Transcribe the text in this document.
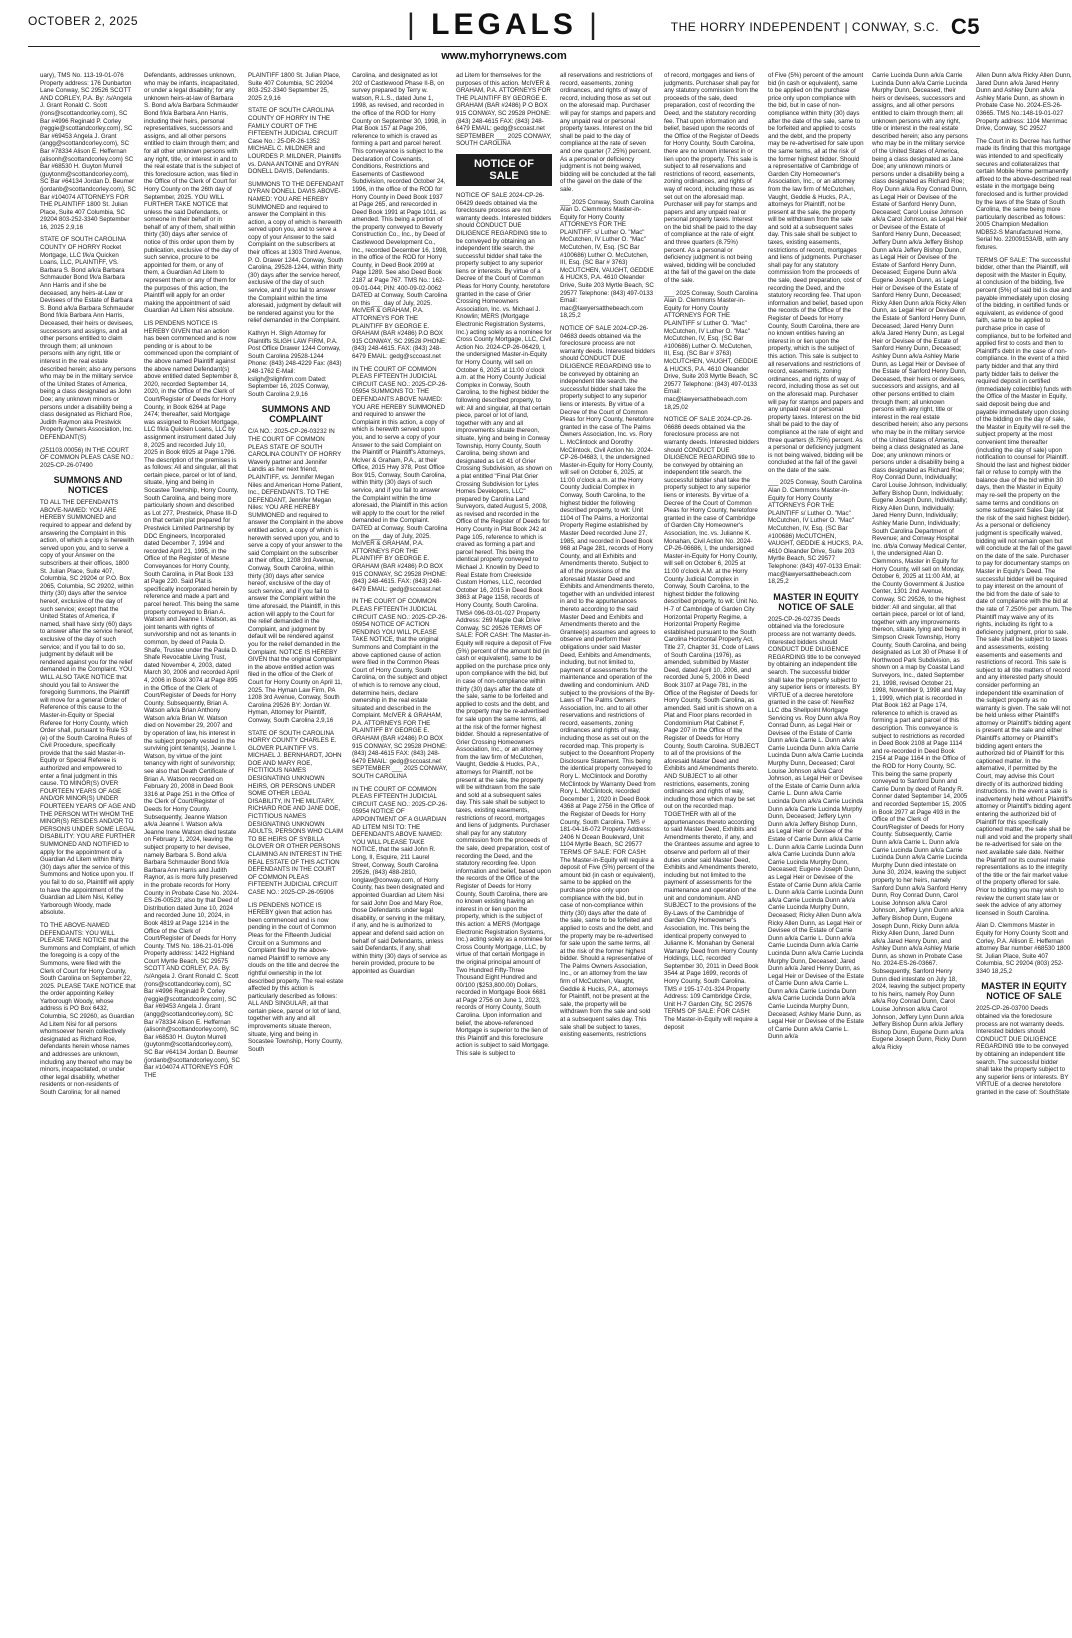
OCTOBER 2, 2025	| LEGALS |	THE HORRY INDEPENDENT | CONWAY, S.C. C5
www.myhorrynews.com

uary), TMS No. 113-19-01-076 Property address: 176 Dunbarton Lane Conway, SC 29526 SCOTT AND CORLEY, P.A. By: /s/Angela J. Grant Ronald C. Scott (rons@scottandcorley.com), SC Bar #4996 Reginald P. Corley (reggie@scottandcorley.com), SC Bar #69453 Angela J. Grant (angg@scottandcorley.com), SC Bar #78334 Alison E. Heffernan (alisonh@scottandcorley.com) SC Bar #68530 H. Guyton Murrell (guytonm@scottandcorley.com), SC Bar #64134 Jordan D. Beumer (jordanb@scottandcorley.com), SC Bar #104074 ATTORNEYS FOR THE PLAINTIFF 1800 St. Julian Place, Suite 407 Columbia, SC 29204 803-252-3340 September 16, 2025 2,9,16

STATE OF SOUTH CAROLINA COUNTY OF HORRY Rocket Mortgage, LLC f/k/a Quicken Loans, LLC, PLAINTIFF, VS. Barbara S. Bond a/k/a Barbara Schmauder Bond f/k/a Barbara Ann Harris and if she be deceased, any heirs-at-Law or Devisees of the Estate of Barbara S. Bond a/k/a Barbara Schmauder Bond f/k/a Barbara Ann Harris, Deceased, their heirs or devisees, successors and assigns, and all other persons entitled to claim through them; all unknown persons with any right, title or interest in the real estate described herein; also any persons who may be in the military service of the United States of America, being a class designated as John Doe; any unknown minors or persons under a disability being a class designated as Richard Roe, Judith Raymon aka Prestwick Property Owners Association, Inc. DEFENDANT(S)

(251103.00056) IN THE COURT OF COMMON PLEAS CASE NO.: 2025-CP-26-07490

SUMMONS AND NOTICES

TO ALL THE DEFENDANTS ABOVE-NAMED: YOU ARE HEREBY SUMMONED and required to appear and defend by answering the Complaint in this action, of which a copy is herewith served upon you, and to serve a copy of your Answer on the subscribers at their offices, 1800 St. Julian Place, Suite 407, Columbia, SC 29204 or P.O. Box 2065, Columbia, SC 29202, within thirty (30) days after the service hereof, exclusive of the day of such service; except that the United States of America, if named, shall have sixty (60) days to answer after the service hereof, exclusive of the day of such service; and if you fail to do so, judgment by default will be rendered against you for the relief demanded in the Complaint. YOU WILL ALSO TAKE NOTICE that should you fail to Answer the foregoing Summons, the Plaintiff will move for a general Order of Reference of this cause to the Master-in-Equity or Special Referee for Horry County, which Order shall, pursuant to Rule 53 (e) of the South Carolina Rules of Civil Procedure, specifically provide that the said Master-in-Equity or Special Referee is authorized and empowered to enter a final judgment in this cause. TO MINOR(S) OVER FOURTEEN YEARS OF AGE AND/OR MINOR(S) UNDER FOURTEEN YEARS OF AGE AND THE PERSON WITH WHOM THE MINOR(S) RESIDES AND/OR TO PERSONS UNDER SOME LEGAL DISABILITY: YOU ARE FURTHER SUMMONED AND NOTIFIED to apply for the appointment of a Guardian Ad Litem within thirty (30) days after the service of this Summons and Notice upon you. If you fail to do so, Plaintiff will apply to have the appointment of the Guardian ad Litem Nisi, Kelley Yarborough Woody, made absolute.

TO THE ABOVE-NAMED DEFENDANTS: YOU WILL PLEASE TAKE NOTICE that the Summons and Complaint, of which the foregoing is a copy of the Summons, were filed with the Clerk of Court for Horry County, South Carolina on September 22, 2025. PLEASE TAKE NOTICE that the order appointing Kelley Yarborough Woody, whose address is PO Box 6432, Columbia, SC 29260, as Guardian Ad Litem Nisi for all persons whomsoever herein collectively designated as Richard Roe, defendants herein whose names and addresses are unknown, including any thereof who may be minors, incapacitated, or under other legal disability, whether residents or non-residents of South Carolina; for all named

Defendants, addresses unknown, who may be infants, incapacitated, or under a legal disability; for any unknown heirs-at-law of Barbara S. Bond a/k/a Barbara Schmauder Bond f/k/a Barbara Ann Harris, including their heirs, personal representatives, successors and assigns, and all other persons entitled to claim through them; and for all other unknown persons with any right, title, or interest in and to the real estate that is the subject of this foreclosure action, was filed in the Office of the Clerk of Court for Horry County on the 26th day of September, 2025. YOU WILL FURTHER TAKE NOTICE that unless the said Defendants, or someone in their behalf or in behalf of any of them, shall within thirty (30) days after service of notice of this order upon them by publication, exclusive of the day of such service, procure to be appointed for them, or any of them, a Guardian Ad Litem to represent them or any of them for the purposes of this action, the Plaintiff will apply for an order making the appointment of said Guardian Ad Litem Nisi absolute.

LIS PENDENS NOTICE IS HEREBY GIVEN that an action has been commenced and is now pending or is about to be commenced upon the complaint of the above named Plaintiff against the above named Defendant(s) above entitled dated September 8, 2020, recorded September 14, 2020, in the Office of the Clerk of Court/Register of Deeds for Horry County, in Book 6264 at Page 2474; thereafter, said Mortgage was assigned to Rocket Mortgage, LLC f/k/a Quicken Loans, LLC by assignment instrument dated July 8, 2025 and recorded July 10, 2025 in Book 6925 at Page 1796. The description of the premises is as follows: All and singular, all that certain piece, parcel or lot of land, situate, lying and being in Socastee Township, Horry County, South Carolina, and being more particularly shown and described as Lot 277, Prestwick, Phase III-D on that certain plat prepared for Prestwick Limited Partnership by DDC Engineers, Incorporated dated December 7, 1994 and recorded April 21, 1995, in the Office of the Register of Mesne Conveyances for Horry County, South Carolina, in Plat Book 133 at Page 220. Said Plat is specifically incorporated herein by reference and made a part and parcel hereof. This being the same property conveyed to Brian A. Watson and Jeanne I. Watson, as joint tenants with rights of survivorship and not as tenants in common, by deed of Paula D. Shafe, Trustee under the Paula D. Shafe Revocable Living Trust, dated November 4, 2003, dated March 30, 2006 and recorded April 4, 2006 in Book 3074 at Page 895 in the Office of the Clerk of Court/Register of Deeds for Horry County. Subsequently, Brian A. Watson a/k/a Brian Anthony Watson a/k/a Brian W. Watson died on November 29, 2007 and by operation of law, his interest in the subject property vested in the surviving joint tenant(s), Jeanne I. Watson, by virtue of the joint tenancy with right of survivorship; see also that Death Certificate of Brian A. Watson recorded on February 20, 2008 in Deed Book 3316 at Page 251 in the Office of the Clerk of Court/Register of Deeds for Horry County. Subsequently, Jeanne Watson a/k/a Jeanne I. Watson a/k/a Jeanne Irene Watson died testate on February 1, 2024, leaving the subject property to her devisee, namely Barbara S. Bond a/k/a Barbara Schmauder Bond f/k/a Barbara Ann Harris and Judith Raynor, as is more fully preserved in the probate records for Horry County in Probate Case No. 2024-ES-26-00523; also by that Deed of Distribution dated June 10, 2024 and recorded June 10, 2024, in Book 4819 at Page 1214 in the Office of the Clerk of Court/Register of Deeds for Horry County. TMS No. 186-21-01-096 Property address: 1422 Highland Court Myrtle Beach, SC 29575 SCOTT AND CORLEY, P.A. By: /s/Angela J. Grant Ronald C. Scott (rons@scottandcorley.com), SC Bar #4996 Reginald P. Corley (reggie@scottandcorley.com), SC Bar #69453 Angela J. Grant (angg@scottandcorley.com), SC Bar #78334 Alison E. Heffernan (alisonh@scottandcorley.com), SC Bar #68530 H. Guyton Murrell (guytonm@scottandcorley.com), SC Bar #64134 Jordan D. Beumer (jordanb@scottandcorley.com), SC Bar #104074 ATTORNEYS FOR THE

PLAINTIFF 1800 St. Julian Place, Suite 407 Columbia, SC 29204 803-252-3340 September 25, 2025 2,9,16

STATE OF SOUTH CAROLINA COUNTY OF HORRY IN THE FAMILY COURT OF THE FIFTEENTH JUDICIAL CIRCUIT Case No.: 25-DR-26-1352 MICHAEL C. MILDNER and LOURDES P. MILDNER, Plaintiffs vs. DANA ANTOINE and DYRAN DONELL DAVIS, Defendants.

SUMMONS TO THE DEFENDANT DYRAN DONELL DAVIS ABOVE-NAMED: YOU ARE HEREBY SUMMONED and required to answer the Complaint in this action, a copy of which is herewith served upon you, and to serve a copy of your Answer to the said Complaint on the subscribers at their offices at 1303 Third Avenue, P. O. Drawer 1244, Conway, South Carolina, 29528-1244, within thirty (30) days after the service hereof, exclusive of the day of such service, and if you fail to answer the Complaint within the time aforesaid, judgment by default will be rendered against you for the relief demanded in the Complaint.

Kathryn H. Sligh Attorney for Plaintiffs SLIGH LAW FIRM, P.A. Post Office Drawer 1244 Conway, South Carolina 29528-1244 Phone: (843) 248-4229 Fax: (843) 248-1762 E-Mail: ksligh@slighfirm.com Dated: September 16, 2025 Conway, South Carolina 2,9,16

SUMMONS AND COMPLAINT

C/A NO.: 2025-CP-26-03232 IN THE COURT OF COMMON PLEAS STATE OF SOUTH CAROLINA COUNTY OF HORRY Waverly partner and Jennifer Landis as her next friend, PLAINTIFF, vs. Jennifer Megan Niles and American Home Patient, Inc., DEFENDANTS. TO THE DEFENDANT, Jennifer Megan Niles: YOU ARE HEREBY SUMMONED and required to answer the Complaint in the above entitled action, a copy of which is herewith served upon you, and to serve a copy of your answer to the said Complaint on the subscriber at their office, 1208 3rd Avenue, Conway, South Carolina, within thirty (30) days after service hereof, exclusive of the day of such service, and if you fail to answer the Complaint within the time aforesaid, the Plaintiff, in this action will apply to the Court for the relief demanded in the Complaint, and judgment by default will be rendered against you for the relief demanded in the Complaint. NOTICE IS HEREBY GIVEN that the original Complaint in the above entitled action was filed in the office of the Clerk of Court for Horry County on April 11, 2025. The Hyman Law Firm, PA 1208 3rd Avenue, Conway, South Carolina 29526 BY: Jordan W. Hyman, Attorney for Plaintiff, Conway, South Carolina 2,9,16

STATE OF SOUTH CAROLINA HORRY COUNTY CHARLES E. GLOVER PLAINTIFF VS. MICHAEL J. BERNHARDT, JOHN DOE AND MARY ROE, FICTITIOUS NAMES DESIGNATING UNKNOWN HEIRS, OR PERSONS UNDER SOME OTHER LEGAL DISABILITY, IN THE MILITARY, RICHARD ROE AND JANE DOE, FICTITIOUS NAMES DESIGNATING UNKNOWN ADULTS, PERSONS WHO CLAIM TO BE HEIRS OF SYBILLA GLOVER OR OTHER PERSONS CLAIMING AN INTEREST IN THE REAL ESTATE OF THIS ACTION DEFENDANTS IN THE COURT OF COMMON PLEAS FIFTEENTH JUDICIAL CIRCUIT CASE NO.: 2025-CP-26-05906

LIS PENDENS NOTICE IS HEREBY given that action has been commenced and is now pending in the court of Common Pleas for the Fifteenth Judicial Circuit on a Summons and Complaint filed by the above-named Plaintiff to remove any clouds on the title and decree the rightful ownership in the lot described property. The real estate affected by this action is particularly described as follows: ALL AND SINGULAR, all that certain piece, parcel or lot of land, together with any and all improvements situate thereon, situate, lying and being in Socastee Township, Horry County, South

Carolina, and designated as lot 202 of Castlewood Phase II-B, on survey prepared by Terry w. watson, R.L.S., dated June 1, 1998, as revised, and recorded in the office of the ROD for Horry County on September 30, 1998, in Plat Book 157 at Page 206, reference to which is craved as forming a part and parcel hereof. This conveyance is subject to the Declaration of Covenants, Conditions, Restrictions and Easements of Castlewood Subdivision, recorded October 24, 1996, in the office of the ROD for Horry County in Deed Book 1937 at Page 265, and rerecorded in Deed Book 1991 at Page 1011, as amended. This being a portion of the property conveyed to Beverly Construction Co., Inc., by Deed of Castlewood Development Co., Inc., recorded December 16, 1998, in the office of the ROD for Horry County, in Deed Book 2099 at Page 1289. See also Deed Book 2187 at Page 767. TMS No.: 162-09-01-044; PIN: 400-09-02-0062 DATED at Conway, South Carolina on this ___ day of July, 2025. McIVER & GRAHAM, P.A. ATTORNEYS FOR THE PLAINTIFF BY GEORGE E. GRAHAM (BAR #2486) P.O BOX 915 CONWAY, SC 29528 PHONE: (843) 248-4615. FAX: (843) 248-6479 EMAIL: gedg@sccoast.net

IN THE COURT OF COMMON PLEAS FIFTEENTH JUDICIAL CIRCUIT CASE NO.: 2025-CP-26-05954 SUMMONS TO: THE DEFENDANTS ABOVE NAMED: YOU ARE HEREBY SUMMONED and required to answer the Complaint in this action, a copy of which is herewith served upon you, and to serve a copy of your Answer to the said Complaint on the Plaintiff or Plaintiff's Attorneys, McIver & Graham, P.A., at their Office, 2015 Hwy 378, Post Office Box 915, Conway, South Carolina, within thirty (30) days of such service, and if you fail to answer the Complaint within the time aforesaid, the Plaintiff in this action will apply to the court for the relief demanded in the Complaint. DATED at Conway, South Carolina on the ___ day of July, 2025. McIVER & GRAHAM, P.A. ATTORNEYS FOR THE PLAINTIFF BY GEORGE E. GRAHAM (BAR #2486) P.O BOX 915 CONWAY, SC 29528 PHONE: (843) 248-4615. FAX: (843) 248-6479 EMAIL: gedg@sccoast.net

IN THE COURT OF COMMON PLEAS FIFTEENTH JUDICIAL CIRCUIT CASE NO.: 2025-CP-26-05954 NOTICE OF ACTION PENDING YOU WILL PLEASE TAKE NOTICE, that the original Summons and Complaint in the above captioned cause of action were filed in the Common Pleas Court of Horry County, South Carolina, on the subject and object of which is to remove any cloud, determine heirs, declare ownership in the real estate situated and described in the Complaint. McIVER & GRAHAM, P.A. ATTORNEYS FOR THE PLAINTIFF BY GEORGE E. GRAHAM (BAR #2486) P.O BOX 915 CONWAY, SC 29528 PHONE: (843) 248-4615 FAX: (843) 248-6479 EMAIL: gedg@sccoast.net SEPTEMBER ___ 2025 CONWAY, SOUTH CAROLINA

IN THE COURT OF COMMON PLEAS FIFTEENTH JUDICIAL CIRCUIT CASE NO.: 2025-CP-26-05954 NOTICE OF APPOINTMENT OF A GUARDIAN AD LITEM NISI TO: THE DEFENDANTS ABOVE NAMED: YOU WILL PLEASE TAKE NOTICE, that the said John R. Long, II, Esquire, 211 Laurel Street, Conway, South Carolina 29526, (843) 488-2810, longlaw@conway.com, of Horry County, has been designated and appointed Guardian ad Litem Nisi for said John Doe and Mary Roe, those Defendants under legal disability, or serving in the military, if any, and he is authorized to appear and defend said action on behalf of said Defendants, unless said Defendants, if any, shall within thirty (30) days of service as herein provided, procure to be appointed as Guardian

ad Litem for themselves for the purposes of this action. McIVER & GRAHAM, P.A. ATTORNEYS FOR THE PLAINTIFF BY GEORGE E. GRAHAM (BAR #2486) P O BOX 915 CONWAY, SC 29528 PHONE: (843) 248-4615 FAX: (843) 248-6479 EMAIL: gedg@sccoast.net SEPTEMBER ___ 2025 CONWAY, SOUTH CAROLINA

NOTICE OF SALE

NOTICE OF SALE 2024-CP-26-06429 deeds obtained via the foreclosure process are not warranty deeds. Interested bidders should CONDUCT DUE DILIGENCE REGARDING title to be conveyed by obtaining an independent title search. the successful bidder shall take the property subject to any superior liens or interests. By virtue of a Decree of the Court of Common Pleas for Horry County, heretofore granted in the case of Grier Crossing Homeowners Association, Inc. vs. Michael J. Knowlin; MERS (Mortgage Electronic Registration Systems, Inc.) acting solely as a nominee for Cross County Mortgage, LLC, Civil Action No. 2024-CP-26-06429, I, the undersigned Master-in-Equity for Horry County, will sell on October 6, 2025 at 11:00 o'clock a.m. at the Horry County Judicial Complex in Conway, South Carolina, to the highest bidder the following described property, to wit: All and singular, all that certain piece, parcel or lot of land, together with any and all improvements situate thereon, situate, lying and being in Conway Township, Horry County, South Carolina, being shown and designated as Lot 41 of Grier Crossing Subdivision, as shown on a plat entitled "Final Plat Grier Crossing Subdivision for Lyles Homes Developers, LLC" prepared by Carolina Land Surveyors, dated August 5, 2008, as revised and recorded in the Office of the Register of Deeds for Horry County in Plat Book 242 at Page 105, reference to which is craved as forming a part and parcel hereof. This being the identical property conveyed to Michael J. Knowlin by Deed to Real Estate from Creekside Custom Homes, LLC, recorded October 16, 2015 in Deed Book 3863 at Page 1158, records of Horry County, South Carolina. TMS# 096-03-01-027 Property Address: 269 Maple Oak Drive Conway, SC 29526 TERMS OF SALE: FOR CASH: The Master-in-Equity will require a deposit of Five (5%) percent of the amount bid (in cash or equivalent), same to be applied on the purchase price only upon compliance with the bid, but in case of non-compliance within thirty (30) days after the date of the sale, same to be forfeited and applied to costs and the debt, and the property may be re-advertised for sale upon the same terms, all at the risk of the former highest bidder. Should a representative of Grier Crossing Homeowners Association, Inc., or an attorney from the law firm of McCutchen, Vaught, Geddie & Hucks, P.A., attorneys for Plaintiff, not be present at the sale, the property will be withdrawn from the sale and sold at a subsequent sales day. This sale shall be subject to taxes, existing easements, restrictions of record, mortgages and liens of judgments. Purchaser shall pay for any statutory commission from the proceeds of the sale, deed preparation, cost of recording the Deed, and the statutory recording fee. Upon information and belief, based upon the records of the Office of the Register of Deeds for Horry County, South Carolina, there are no known existing having an interest in or lien upon the property, which is the subject of this action: a MERS (Mortgage Electronic Registration Systems, Inc.) acting solely as a nominee for Cross County Mortgage, LLC, by virtue of that certain Mortgage in the original principal amount of Two Hundred Fifty-Three Thousand Eight Hundred and 00/100 ($253,800.00) Dollars, recorded in Mortgage Book 6681 at Page 2756 on June 1, 2023, records of Horry County, South Carolina. Upon information and belief, the above-referenced Mortgage is superior to the lien of this Plaintiff and this foreclosure action is subject to said Mortgage. This sale is subject to

all reservations and restrictions of record, easements, zoning ordinances, and rights of way of record, including those as set out on the aforesaid map. Purchaser will pay for stamps and papers and any unpaid real or personal property taxes. Interest on the bid shall be paid to the day of compliance at the rate of seven and one quarter (7.25%) percent. As a personal or deficiency judgment is not being waived, bidding will be concluded at the fall of the gavel on the date of the sale.

___ 2025 Conway, South Carolina Alan D. Clemmons Master-in-Equity for Horry County ATTORNEYS FOR THE PLAINTIFF: s/ Luther O. "Mac" McCutchen, IV Luther O. "Mac" McCutchen, IV, Esq. (SC Bar #100686) Luther O. McCutchen, III, Esq. (SC Bar # 3763) McCUTCHEN, VAUGHT, GEDDIE & HUCKS, P.A. 4610 Oleander Drive, Suite 203 Myrtle Beach, SC 29577 Telephone: (843) 497-0133 Email: mac@lawyersatthebeach.com 18,25,2

NOTICE OF SALE 2024-CP-26-04683 deeds obtained via the foreclosure process are not warranty deeds. Interested bidders should CONDUCT DUE DILIGENCE REGARDING title to be conveyed by obtaining an independent title search. the successful bidder shall take the property subject to any superior liens or interests. By virtue of a Decree of the Court of Common Pleas for Horry County, heretofore granted in the case of The Palms Owners Association, Inc. vs. Rory L. McClintock and Dorothy McClintock, Civil Action No. 2024-CP-26-04683, I, the undersigned Master-in-Equity for Horry County, will sell on October 6, 2025, at 11:00 o'clock a.m. at the Horry County Judicial Complex in Conway, South Carolina, to the highest bidder the following described property, to wit: Unit 1104 of The Palms, a Horizontal Property Regime established by Master Deed recorded June 27, 1985, and recorded in Deed Book 968 at Page 281, records of Horry County, and all Exhibits and Amendments thereto. Subject to all of the provisions of the aforesaid Master Deed and Exhibits and Amendments thereto, together with an undivided interest in and to the appurtenances thereto according to the said Master Deed and Exhibits and Amendments thereto and the Grantee(s) assumes and agrees to observe and perform their obligations under said Master Deed, Exhibits and Amendments, including, but not limited to, payment of assessments for the maintenance and operation of the dwelling and condominium. AND subject to the provisions of the By-Laws of The Palms Owners Association, Inc. and to all other reservations and restrictions of record, easements, zoning ordinances and rights of way, including those as set out on the recorded map. This property is subject to the Oceanfront Property Disclosure Statement. This being the identical property conveyed to Rory L. McClintock and Dorothy McClintock by Warranty Deed from Rory L. McClintock, recorded December 1, 2020 in Deed Book 4368 at Page 2756 in the Office of the Register of Deeds for Horry County, South Carolina. TMS # 181-04-16-072 Property Address: 2406 N Ocean Boulevard, Unit 1104 Myrtle Beach, SC 29577 TERMS OF SALE: FOR CASH: The Master-in-Equity will require a deposit of Five (5%) percent of the amount bid (in cash or equivalent), same to be applied on the purchase price only upon compliance with the bid, but in case of non-compliance within thirty (30) days after the date of the sale, same to be forfeited and applied to costs and the debt, and the property may be re-advertised for sale upon the same terms, all at the risk of the former highest bidder. Should a representative of The Palms Owners Association, Inc., or an attorney from the law firm of McCutchen, Vaught, Geddie & Hucks, P.A., attorneys for Plaintiff, not be present at the sale, the property will be withdrawn from the sale and sold at a subsequent sales day. This sale shall be subject to taxes, existing easements, restrictions

of record, mortgages and liens of judgments. Purchaser shall pay for any statutory commission from the proceeds of the sale, deed preparation, cost of recording the Deed, and the statutory recording fee. That upon information and belief, based upon the records of the Office of the Register of Deeds for Horry County, South Carolina, there are no known interest in or lien upon the property. This sale is subject to all reservations and restrictions of record, easements, zoning ordinances, and rights of way of record, including those as set out on the aforesaid map. Purchaser will pay for stamps and papers and any unpaid real or personal property taxes. Interest on the bid shall be paid to the day of compliance at the rate of eight and three quarters (8.75%) percent. As a personal or deficiency judgment is not being waived, bidding will be concluded at the fall of the gavel on the date of the sale.

___ 2025 Conway, South Carolina Alan D. Clemmons Master-in-Equity for Horry County ATTORNEYS FOR THE PLAINTIFF s/ Luther O. "Mac" McCutchen, IV Luther O. "Mac" McCutchen, IV, Esq. (SC Bar #100686) Luther O. McCutchen, III, Esq. (SC Bar # 3763) McCUTCHEN, VAUGHT, GEDDIE & HUCKS, P.A. 4610 Oleander Drive, Suite 203 Myrtle Beach, SC 29577 Telephone: (843) 497-0133 Email: mac@lawyersatthebeach.com 18,25,02

NOTICE OF SALE 2024-CP-26-06686 deeds obtained via the foreclosure process are not warranty deeds. Interested bidders should CONDUCT DUE DILIGENCE REGARDING title to be conveyed by obtaining an independent title search. the successful bidder shall take the property subject to any superior liens or interests. By virtue of a Decree of the Court of Common Pleas for Horry County, heretofore granted in the case of Cambridge of Garden City Homeowner's Association, Inc. vs. Julianne K. Monahan, Civil Action No. 2024-CP-26-06686, I, the undersigned Master-in-Equity for Horry County, will sell on October 6, 2025 at 11:00 o'clock A.M. at the Horry County Judicial Complex in Conway, South Carolina, to the highest bidder the following described property, to wit: Unit No. H-7 of Cambridge of Garden City Horizontal Property Regime, a Horizontal Property Regime established pursuant to the South Carolina Horizontal Property Act, Title 27, Chapter 31, Code of Laws of South Carolina (1976), as amended, submitted by Master Deed, dated April 10, 2006, and recorded June 5, 2006 in Deed Book 3107 at Page 781, in the Office of the Register of Deeds for Horry County, South Carolina, as amended. Said unit is shown on a Plat and Floor plans recorded in Condominium Plat Cabinet F, Page 207 in the Office of the Register of Deeds for Horry County, South Carolina. SUBJECT to all of the provisions of the aforesaid Master Deed and Exhibits and Amendments thereto. AND SUBJECT to all other restrictions, easements, zoning ordinances and rights of way, including those which may be set out on the recorded map. TOGETHER with all of the appurtenances thereto according to said Master Deed, Exhibits and Amendments thereto, if any, and the Grantees assume and agree to observe and perform all of their duties under said Master Deed, Exhibits and Amendments thereto, including but not limited to the payment of assessments for the maintenance and operation of the unit and condominium. AND SUBJECT to the provisions of the By-Laws of the Cambridge of Garden City Homeowner's Association, Inc. This being the identical property conveyed to Julianne K. Monahan by General Warranty Deed from Horry County Holdings, LLC, recorded September 30, 2011 in Deed Book 3544 at Page 1699, records of Horry County, South Carolina. TMS # 195-17-01-324 Property Address: 109 Cambridge Circle, Unit H-7 Garden City, SC 29576 TERMS OF SALE: FOR CASH: The Master-in-Equity will require a deposit

of Five (5%) percent of the amount bid (in cash or equivalent), same to be applied on the purchase price only upon compliance with the bid, but in case of non-compliance within thirty (30) days after the date of the sale, same to be forfeited and applied to costs and the debt, and the property may be re-advertised for sale upon the same terms, all at the risk of the former highest bidder. Should a representative of Cambridge of Garden City Homeowner's Association, Inc., or an attorney from the law firm of McCutchen, Vaught, Geddie & Hucks, P.A., attorneys for Plaintiff, not be present at the sale, the property will be withdrawn from the sale and sold at a subsequent sales day. This sale shall be subject to taxes, existing easements, restrictions of record, mortgages and liens of judgments. Purchaser shall pay for any statutory commission from the proceeds of the sale, deed preparation, cost of recording the Deed, and the statutory recording fee. That upon information and belief, based upon the records of the Office of the Register of Deeds for Horry County, South Carolina, there are no known entities having an interest in or lien upon the property, which is the subject of this action. This sale is subject to all reservations and restrictions of record, easements, zoning ordinances, and rights of way of record, including those as set out on the aforesaid map. Purchaser will pay for stamps and papers and any unpaid real or personal property taxes. Interest on the bid shall be paid to the day of compliance at the rate of eight and three quarters (8.75%) percent. As a personal or deficiency judgment is not being waived, bidding will be concluded at the fall of the gavel on the date of the sale.

___ 2025 Conway, South Carolina Alan D. Clemmons Master-in-Equity for Horry County ATTORNEYS FOR THE PLAINTIFF s/ Luther O. "Mac" McCutchen, IV Luther O. "Mac" McCutchen, IV, Esq. (SC Bar #100686) McCUTCHEN, VAUGHT, GEDDIE & HUCKS, P.A. 4610 Oleander Drive, Suite 203 Myrtle Beach, SC 29577 Telephone: (843) 497-0133 Email: mac@lawyersatthebeach.com 18,25,2

MASTER IN EQUITY NOTICE OF SALE

2025-CP-26-02735 Deeds obtained via the foreclosure process are not warranty deeds. Interested bidders should CONDUCT DUE DILIGENCE REGARDING title to be conveyed by obtaining an independent title search. The successful bidder shall take the property subject to any superior liens or interests. BY VIRTUE of a decree heretofore granted in the case of: NewRez LLC dba Shellpoint Mortgage Servicing vs. Roy Dunn a/k/a Roy Conrad Dunn, as Legal Heir or Devisee of the Estate of Carrie Dunn a/k/a Carrie L. Dunn a/k/a Carrie Lucinda Dunn a/k/a Carrie Lucinda Dunn a/k/a Carrie Lucinda Murphy Dunn, Deceased; Carol Louise Johnson a/k/a Carol Johnson, as Legal Heir or Devisee of the Estate of Carrie Dunn a/k/a Carrie L. Dunn a/k/a Carrie Lucinda Dunn a/k/a Carrie Lucinda Dunn a/k/a Carrie Lucinda Murphy Dunn, Deceased; Jeffery Lynn Dunn a/k/a Jeffery Bishop Dunn, as Legal Heir or Devisee of the Estate of Carrie Dunn a/k/a Carrie L. Dunn a/k/a Carrie Lucinda Dunn a/k/a Carrie Lucinda Dunn a/k/a Carrie Lucinda Murphy Dunn, Deceased; Eugene Joseph Dunn, as Legal Heir or Devisee of the Estate of Carrie Dunn a/k/a Carrie L. Dunn a/k/a Carrie Lucinda Dunn a/k/a Carrie Lucinda Dunn a/k/a Carrie Lucinda Murphy Dunn, Deceased; Ricky Allen Dunn a/k/a Ricky Allen Dunn, as Legal Heir or Devisee of the Estate of Carrie Dunn a/k/a Carrie L. Dunn a/k/a Carrie Lucinda Dunn a/k/a Carrie Lucinda Dunn a/k/a Carrie Lucinda Murphy Dunn, Deceased; Jared Dunn a/k/a Jared Henry Dunn, as Legal Heir or Devisee of the Estate of Carrie Dunn a/k/a Carrie L. Dunn a/k/a Carrie Lucinda Dunn a/k/a Carrie Lucinda Dunn a/k/a Carrie Lucinda Murphy Dunn, Deceased; Ashley Marie Dunn, as Legal Heir or Devisee of the Estate of Carrie Dunn a/k/a Carrie L. Dunn a/k/a

Carrie Lucinda Dunn a/k/a Carrie Lucinda Dunn a/k/a Carrie Lucinda Murphy Dunn, Deceased, their heirs or devisees, successors and assigns, and all other persons entitled to claim through them; all unknown persons with any right, title or interest in the real estate described herein; also any persons who may be in the military service of the United States of America, being a class designated as Jane Doe; any unknown minors or persons under a disability being a class designated as Richard Roe; Roy Dunn a/k/a Roy Conrad Dunn, as Legal Heir or Devisee of the Estate of Sanford Henry Dunn, Deceased; Carol Louise Johnson a/k/a Carol Johnson, as Legal Heir or Devisee of the Estate of Sanford Henry Dunn, Deceased; Jeffery Dunn a/k/a Jeffery Bishop Dunn a/k/a Jeffery Bishop Dunn, as Legal Heir or Devisee of the Estate of Sanford Henry Dunn, Deceased; Eugene Dunn a/k/a Eugene Joseph Dunn, as Legal Heir or Devisee of the Estate of Sanford Henry Dunn, Deceased; Ricky Allen Dunn a/k/a Ricky Allen Dunn, as Legal Heir or Devisee of the Estate of Sanford Henry Dunn, Deceased; Jared Henry Dunn a/k/a Jared Henry Dunn, as Legal Heir or Devisee of the Estate of Sanford Henry Dunn, Deceased; Ashley Dunn a/k/a Ashley Marie Dunn, as Legal Heir or Devisee of the Estate of Sanford Henry Dunn, Deceased, their heirs or devisees, successors and assigns, and all other persons entitled to claim through them; all unknown persons with any right, title or interest in the real estate described herein; also any persons who may be in the military service of the United States of America, being a class designated as Jane Doe; any unknown minors or persons under a disability being a class designated as Richard Roe; Roy Conrad Dunn, Individually; Carol Louise Johnson, Individually; Jeffery Bishop Dunn, Individually; Eugene Joseph Dunn, Individually; Ricky Allen Dunn, Individually; Jared Henry Dunn, Individually; Ashley Marie Dunn, Individually; South Carolina Department of Revenue; and Conway Hospital Inc. d/b/a Conway Medical Center, I, the undersigned Alan D. Clemmons, Master in Equity for Horry County, will sell on Monday, October 6, 2025 at 11:00 AM, at the County Government & Justice Center, 1301 2nd Avenue, Conway, SC 29526, to the highest bidder: All and singular, all that certain piece, parcel or lot of land, together with any improvements thereon, situate, lying and being in Simpson Creek Township, Horry County, South Carolina, and being designated as Lot 30 of Phase II of Northwood Park Subdivision, as shown on a map by Coastal Land Surveyors, Inc., dated September 21, 1998, revised October 21, 1998, November 9, 1998 and May 1, 1999, which plat is recorded in Plat Book 162 at Page 174, reference to which is craved as forming a part and parcel of this description. This conveyance is subject to restrictions as recorded in Deed Book 2108 at Page 1114 and re-recorded in Deed Book 2154 at Page 1164 in the Office of the ROD for Horry County, SC. This being the same property conveyed to Sanford Dunn and Carrie Dunn by deed of Randy R. Conner dated September 14, 2005 and recorded September 15, 2005 in Book 2977 at Page 493 in the Office of the Clerk of Court/Register of Deeds for Horry County. Subsequently, Carrie Dunn a/k/a Carrie L. Dunn a/k/a Carrie Lucinda Dunn a/k/a Carrie Lucinda Dunn a/k/a Carrie Lucinda Murphy Dunn died intestate on June 30, 2024, leaving the subject property to her heirs, namely Sanford Dunn a/k/a Sanford Henry Dunn, Roy Conrad Dunn, Carol Louise Johnson a/k/a Carol Johnson, Jeffery Lynn Dunn a/k/a Jeffery Bishop Dunn, Eugene Joseph Dunn, Ricky Dunn a/k/a Ricky Allen Dunn, Jared Dunn a/k/a Jared Henry Dunn, and Ashley Dunn a/k/a Ashley Marie Dunn, as shown in Probate Case No. 2024-ES-26-03667. Subsequently, Sanford Henry Dunn died intestate on July 18, 2024, leaving the subject property to his heirs, namely Roy Dunn a/k/a Roy Conrad Dunn, Carol Louise Johnson a/k/a Carol Johnson, Jeffery Lynn Dunn a/k/a Jeffery Bishop Dunn a/k/a Jeffery Bishop Dunn, Eugene Dunn a/k/a Eugene Joseph Dunn, Ricky Dunn a/k/a Ricky

Allen Dunn a/k/a Ricky Allen Dunn, Jared Dunn a/k/a Jared Henry Dunn and Ashley Dunn a/k/a Ashley Marie Dunn, as shown in Probate Case No. 2024-ES-26-03665. TMS No.:148-19-01-027 Property address: 1104 Merrimac Drive, Conway, SC 29527

The Court in its Decree has further made its finding that this mortgage was intended to and specifically secures and collateralizes that certain Mobile Home permanently affixed to the above-described real estate in the mortgage being foreclosed and is further provided by the laws of the State of South Carolina, the same being more particularly described as follows: 2005 Champion Medallion MDB52-S Manufactured Home, Serial No. 22009153A/B, with any fixtures.

TERMS OF SALE: The successful bidder, other than the Plaintiff, will deposit with the Master in Equity, at conclusion of the bidding, five percent (5%) of said bid is due and payable immediately upon closing of the bidding, in certified funds or equivalent, as evidence of good faith, same to be applied to purchase price in case of compliance, but to be forfeited and applied first to costs and then to Plaintiff's debt in the case of non-compliance. In the event of a third party bidder and that any third party bidder fails to deliver the required deposit in certified (immediately collectible) funds with the Office of the Master in Equity, said deposit being due and payable immediately upon closing of the bidding on the day of sale, the Master in Equity will re-sell the subject property at the most convenient time thereafter (including the day of sale) upon notification to counsel for Plaintiff. Should the last and highest bidder fail or refuse to comply with the balance due of the bid within 30 days, then the Master in Equity may re-sell the property on the same terms and conditions on some subsequent Sales Day (at the risk of the said highest bidder). As a personal or deficiency judgment is specifically waived, bidding will not remain open but will conclude at the fall of the gavel on the date of the sale. Purchaser to pay for documentary stamps on Master in Equity's Deed. The successful bidder will be required to pay interest on the amount of the bid from the date of sale to date of compliance with the bid at the rate of 7.250% per annum. The Plaintiff may waive any of its rights, including its right to a deficiency judgment, prior to sale. The sale shall be subject to taxes and assessments, existing easements and easements and restrictions of record. This sale is subject to all title matters of record and any interested party should consider performing an independent title examination of the subject property as no warranty is given. The sale will not be held unless either Plaintiff's attorney or Plaintiff's bidding agent is present at the sale and either Plaintiff's attorney or Plaintiff's bidding agent enters the authorized bid of Plaintiff for this captioned matter. In the alternative, if permitted by the Court, may advise this Court directly of its authorized bidding instructions. In the event a sale is inadvertently held without Plaintiff's attorney or Plaintiff's bidding agent entering the authorized bid of Plaintiff for this specifically captioned matter, the sale shall be null and void and the property shall be re-advertised for sale on the next available sale date. Neither the Plaintiff nor its counsel make representations as to the integrity of the title or the fair market value of the property offered for sale. Prior to bidding you may wish to review the current state law or seek the advice of any attorney licensed in South Carolina.

Alan D. Clemmons Master in Equity for Horry County Scott and Corley, P.A. Allison E. Heffernan attorney Bar number #68530 1800 St. Julian Place, Suite 407 Columbia, SC 29204 (803) 252-3340 18,25,2

MASTER IN EQUITY NOTICE OF SALE

2025-CP-26-03700 Deeds obtained via the foreclosure process are not warranty deeds. Interested bidders should CONDUCT DUE DILIGENCE REGARDING title to be conveyed by obtaining an independent title search. The successful bidder shall take the property subject to any superior liens or interests. BY VIRTUE of a decree heretofore granted in the case of: SouthState
